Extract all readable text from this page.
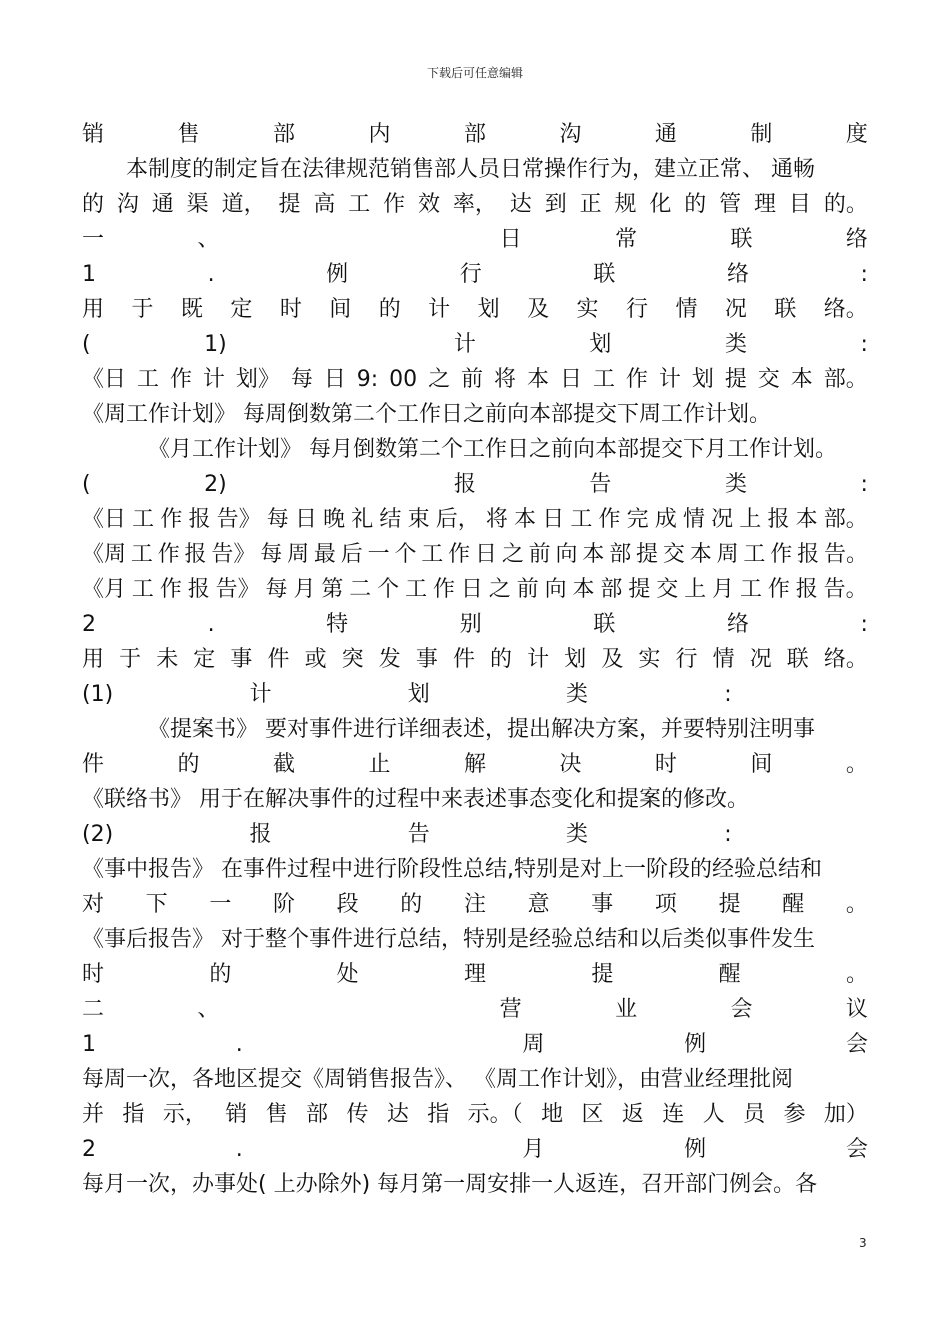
下载后可任意编辑
销	售	部	内	部	沟	通	制	度
本制度的制定旨在法律规范销售部人员日常操作行为，建立正常、 通畅
的 沟 通 渠 道， 提 高 工 作 效 率， 达 到 正 规 化 的 管 理 目 的。
一	、	日	常	联	络
1	.	例	行	联	络	:
用 于 既 定 时 间 的 计 划 及 实 行 情 况 联 络。
(	1)	计	划	类	:
《日 工 作 计 划》 每 日 9: 00 之 前 将 本 日 工 作 计 划 提 交 本 部。
《周工作计划》 每周倒数第二个工作日之前向本部提交下周工作计划。
《月工作计划》 每月倒数第二个工作日之前向本部提交下月工作计划。
(	2)	报	告	类	:
《日 工 作 报 告》 每 日 晚 礼 结 束 后， 将 本 日 工 作 完 成 情 况 上 报 本 部。
《周 工 作 报 告》 每 周 最 后 一 个 工 作 日 之 前 向 本 部 提 交 本 周 工 作 报 告。
《月 工 作 报 告》 每 月 第 二 个 工 作 日 之 前 向 本 部 提 交 上 月 工 作 报 告。
2	.	特	别	联	络	:
用 于 未 定 事 件 或 突 发 事 件 的 计 划 及 实 行 情 况 联 络。
(1)	计	划	类	:
《提案书》 要对事件进行详细表述，提出解决方案，并要特别注明事
件	的	截	止	解	决	时	间	。
《联络书》 用于在解决事件的过程中来表述事态变化和提案的修改。
(2)	报	告	类	:
《事中报告》 在事件过程中进行阶段性总结,特别是对上一阶段的经验总结和
对 下 一 阶 段 的 注 意 事 项 提 醒 。
《事后报告》 对于整个事件进行总结，特别是经验总结和以后类似事件发生
时	的	处	理	提	醒	。
二	、	营	业	会	议
1	.	周	例	会
每周一次，各地区提交《周销售报告》、 《周工作计划》，由营业经理批阅
并 指 示， 销 售 部 传 达 指 示。（ 地 区 返 连 人 员 参 加）
2	.	月	例	会
每月一次，办事处( 上办除外) 每月第一周安排一人返连，召开部门例会。各
3
